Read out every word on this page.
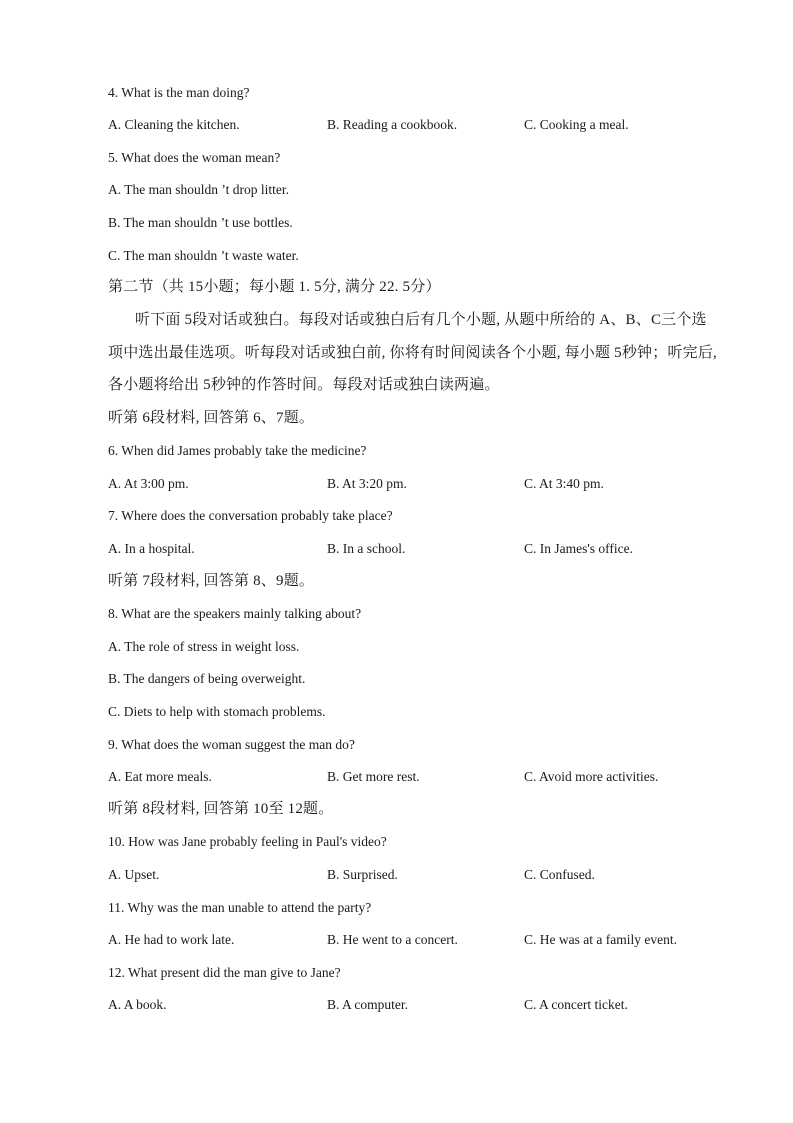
4. What is the man doing?
A. Cleaning the kitchen.	B. Reading a cookbook.	C. Cooking a meal.
5. What does the woman mean?
A. The man shouldn ’t drop litter.
B. The man shouldn ’t use bottles.
C. The man shouldn ’t waste water.
第二节（共 15小题；每小题 1. 5分, 满分 22. 5分）
听下面 5段对话或独白。每段对话或独白后有几个小题, 从题中所给的 A、B、C三个选
项中选出最佳选项。听每段对话或独白前, 你将有时间阅读各个小题, 每小题 5秒钟；听完后,
各小题将给出 5秒钟的作答时间。每段对话或独白读两遍。
听第 6段材料, 回答第 6、7题。
6. When did James probably take the medicine?
A. At 3:00 pm.	B. At 3:20 pm.	C. At 3:40 pm.
7. Where does the conversation probably take place?
A. In a hospital.	B. In a school.	C. In James's office.
听第 7段材料, 回答第 8、9题。
8. What are the speakers mainly talking about?
A. The role of stress in weight loss.
B. The dangers of being overweight.
C. Diets to help with stomach problems.
9. What does the woman suggest the man do?
A. Eat more meals.	B. Get more rest.	C. Avoid more activities.
听第 8段材料, 回答第 10至 12题。
10. How was Jane probably feeling in Paul's video?
A. Upset.	B. Surprised.	C. Confused.
11. Why was the man unable to attend the party?
A. He had to work late.	B. He went to a concert.	C. He was at a family event.
12. What present did the man give to Jane?
A. A book.	B. A computer.	C. A concert ticket.
